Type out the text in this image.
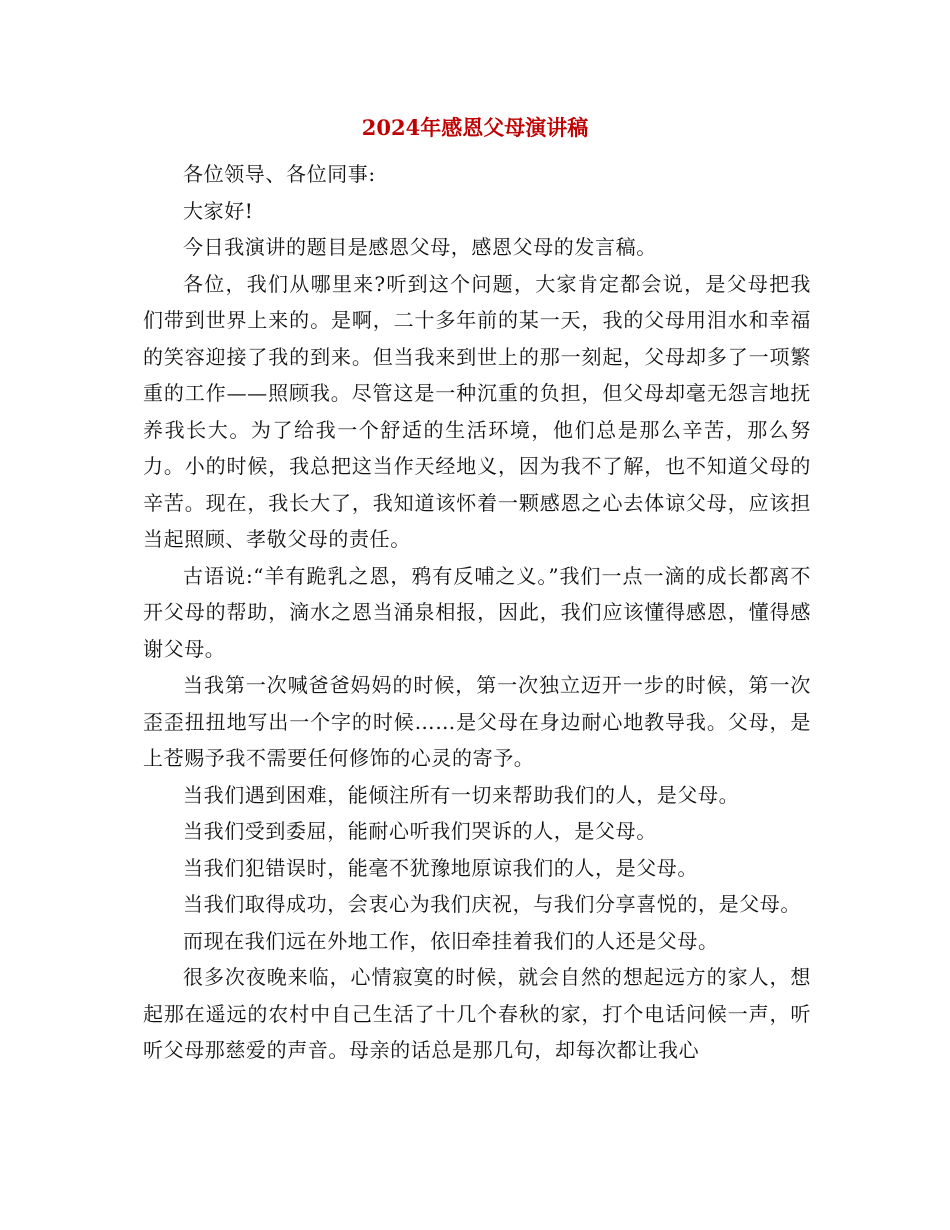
2024年感恩父母演讲稿

各位领导、各位同事:

大家好!

今日我演讲的题目是感恩父母，感恩父母的发言稿。

各位，我们从哪里来?听到这个问题，大家肯定都会说，是父母把我们带到世界上来的。是啊，二十多年前的某一天，我的父母用泪水和幸福的笑容迎接了我的到来。但当我来到世上的那一刻起，父母却多了一项繁重的工作——照顾我。尽管这是一种沉重的负担，但父母却毫无怨言地抚养我长大。为了给我一个舒适的生活环境，他们总是那么辛苦，那么努力。小的时候，我总把这当作天经地义，因为我不了解，也不知道父母的辛苦。现在，我长大了，我知道该怀着一颗感恩之心去体谅父母，应该担当起照顾、孝敬父母的责任。

古语说:“羊有跪乳之恩，鸦有反哺之义。”我们一点一滴的成长都离不开父母的帮助，滴水之恩当涌泉相报，因此，我们应该懂得感恩，懂得感谢父母。

当我第一次喊爸爸妈妈的时候，第一次独立迈开一步的时候，第一次歪歪扭扭地写出一个字的时候……是父母在身边耐心地教导我。父母，是上苍赐予我不需要任何修饰的心灵的寄予。

当我们遇到困难，能倾注所有一切来帮助我们的人，是父母。

当我们受到委屈，能耐心听我们哭诉的人，是父母。

当我们犯错误时，能毫不犹豫地原谅我们的人，是父母。

当我们取得成功，会衷心为我们庆祝，与我们分享喜悦的，是父母。

而现在我们远在外地工作，依旧牵挂着我们的人还是父母。

很多次夜晚来临，心情寂寞的时候，就会自然的想起远方的家人，想起那在遥远的农村中自己生活了十几个春秋的家，打个电话问候一声，听听父母那慈爱的声音。母亲的话总是那几句，却每次都让我心
